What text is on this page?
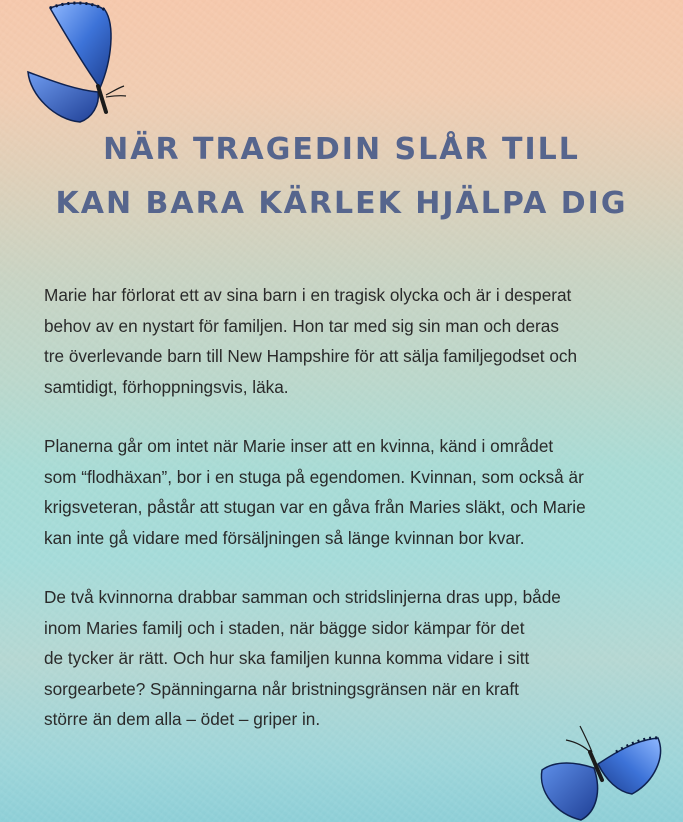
NÄR TRAGEDIN SLÅR TILL
KAN BARA KÄRLEK HJÄLPA DIG

Marie har förlorat ett av sina barn i en tragisk olycka och är i desperat
behov av en nystart för familjen. Hon tar med sig sin man och deras
tre överlevande barn till New Hampshire för att sälja familjegodset och
samtidigt, förhoppningsvis, läka.

Planerna går om intet när Marie inser att en kvinna, känd i området
som “flodhäxan”, bor i en stuga på egendomen. Kvinnan, som också är
krigsveteran, påstår att stugan var en gåva från Maries släkt, och Marie
kan inte gå vidare med försäljningen så länge kvinnan bor kvar.

De två kvinnorna drabbar samman och stridslinjerna dras upp, både
inom Maries familj och i staden, när bägge sidor kämpar för det
de tycker är rätt. Och hur ska familjen kunna komma vidare i sitt
sorgearbete? Spänningarna når bristningsgränsen när en kraft
större än dem alla – ödet – griper in.
